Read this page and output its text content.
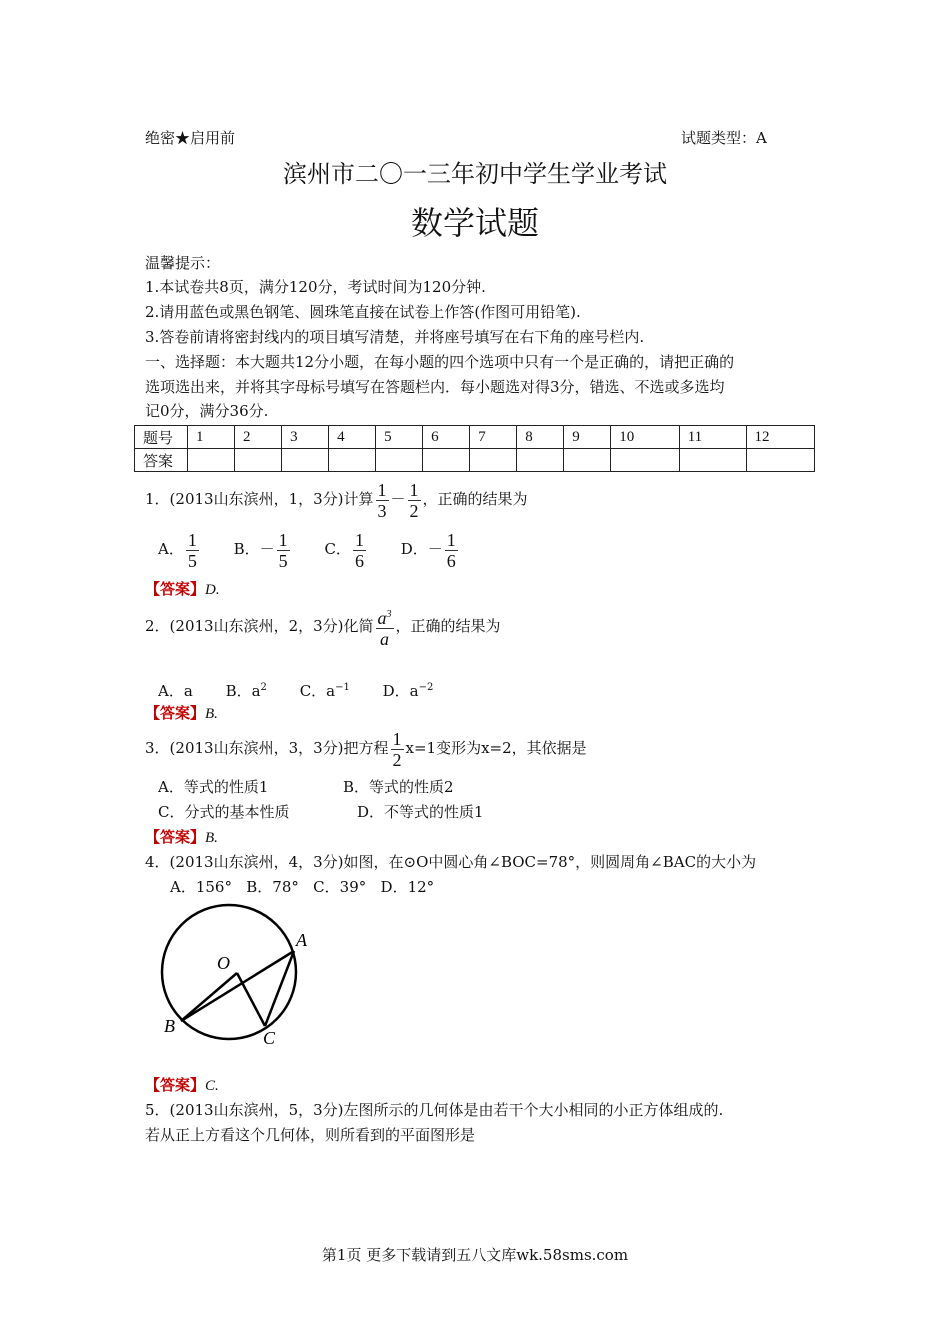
绝密★启用前	试题类型：A
滨州市二〇一三年初中学生学业考试
数学试题
温馨提示：
1.本试卷共8页，满分120分，考试时间为120分钟.
2.请用蓝色或黑色钢笔、圆珠笔直接在试卷上作答(作图可用铅笔).
3.答卷前请将密封线内的项目填写清楚，并将座号填写在右下角的座号栏内.
一、选择题：本大题共12分小题，在每小题的四个选项中只有一个是正确的，请把正确的
选项选出来，并将其字母标号填写在答题栏内．每小题选对得3分，错选、不选或多选均
记0分，满分36分.
题号	1	2	3	4	5	6	7	8	9	10	11	12
答案												
1．(2013山东滨州，1，3分)计算 $\frac{1}{3} - \frac{1}{2}$ ，正确的结果为
A． $\frac{1}{5}$ B．－ $\frac{1}{5}$ C． $\frac{1}{6}$ D．－ $\frac{1}{6}$
【答案】D.
2．(2013山东滨州，2，3分)化简 $\frac{a^3}{a}$ ，正确的结果为
A．a B．$a^2$ C．$a^{-1}$ D．$a^{-2}$
【答案】B.
3．(2013山东滨州，3，3分)把方程 $\frac{1}{2} x=1$变形为x=2，其依据是
A．等式的性质1	B．等式的性质2
C．分式的基本性质	D．不等式的性质1
【答案】B.
4．(2013山东滨州，4，3分)如图，在⊙O中圆心角∠BOC=78°，则圆周角∠BAC的大小为
A．156°   B．78°   C．39°   D．12°
O
A
B
C
【答案】C.
5．(2013山东滨州，5，3分)左图所示的几何体是由若干个大小相同的小正方体组成的.
若从正上方看这个几何体，则所看到的平面图形是
第1页 更多下载请到五八文库wk.58sms.com
